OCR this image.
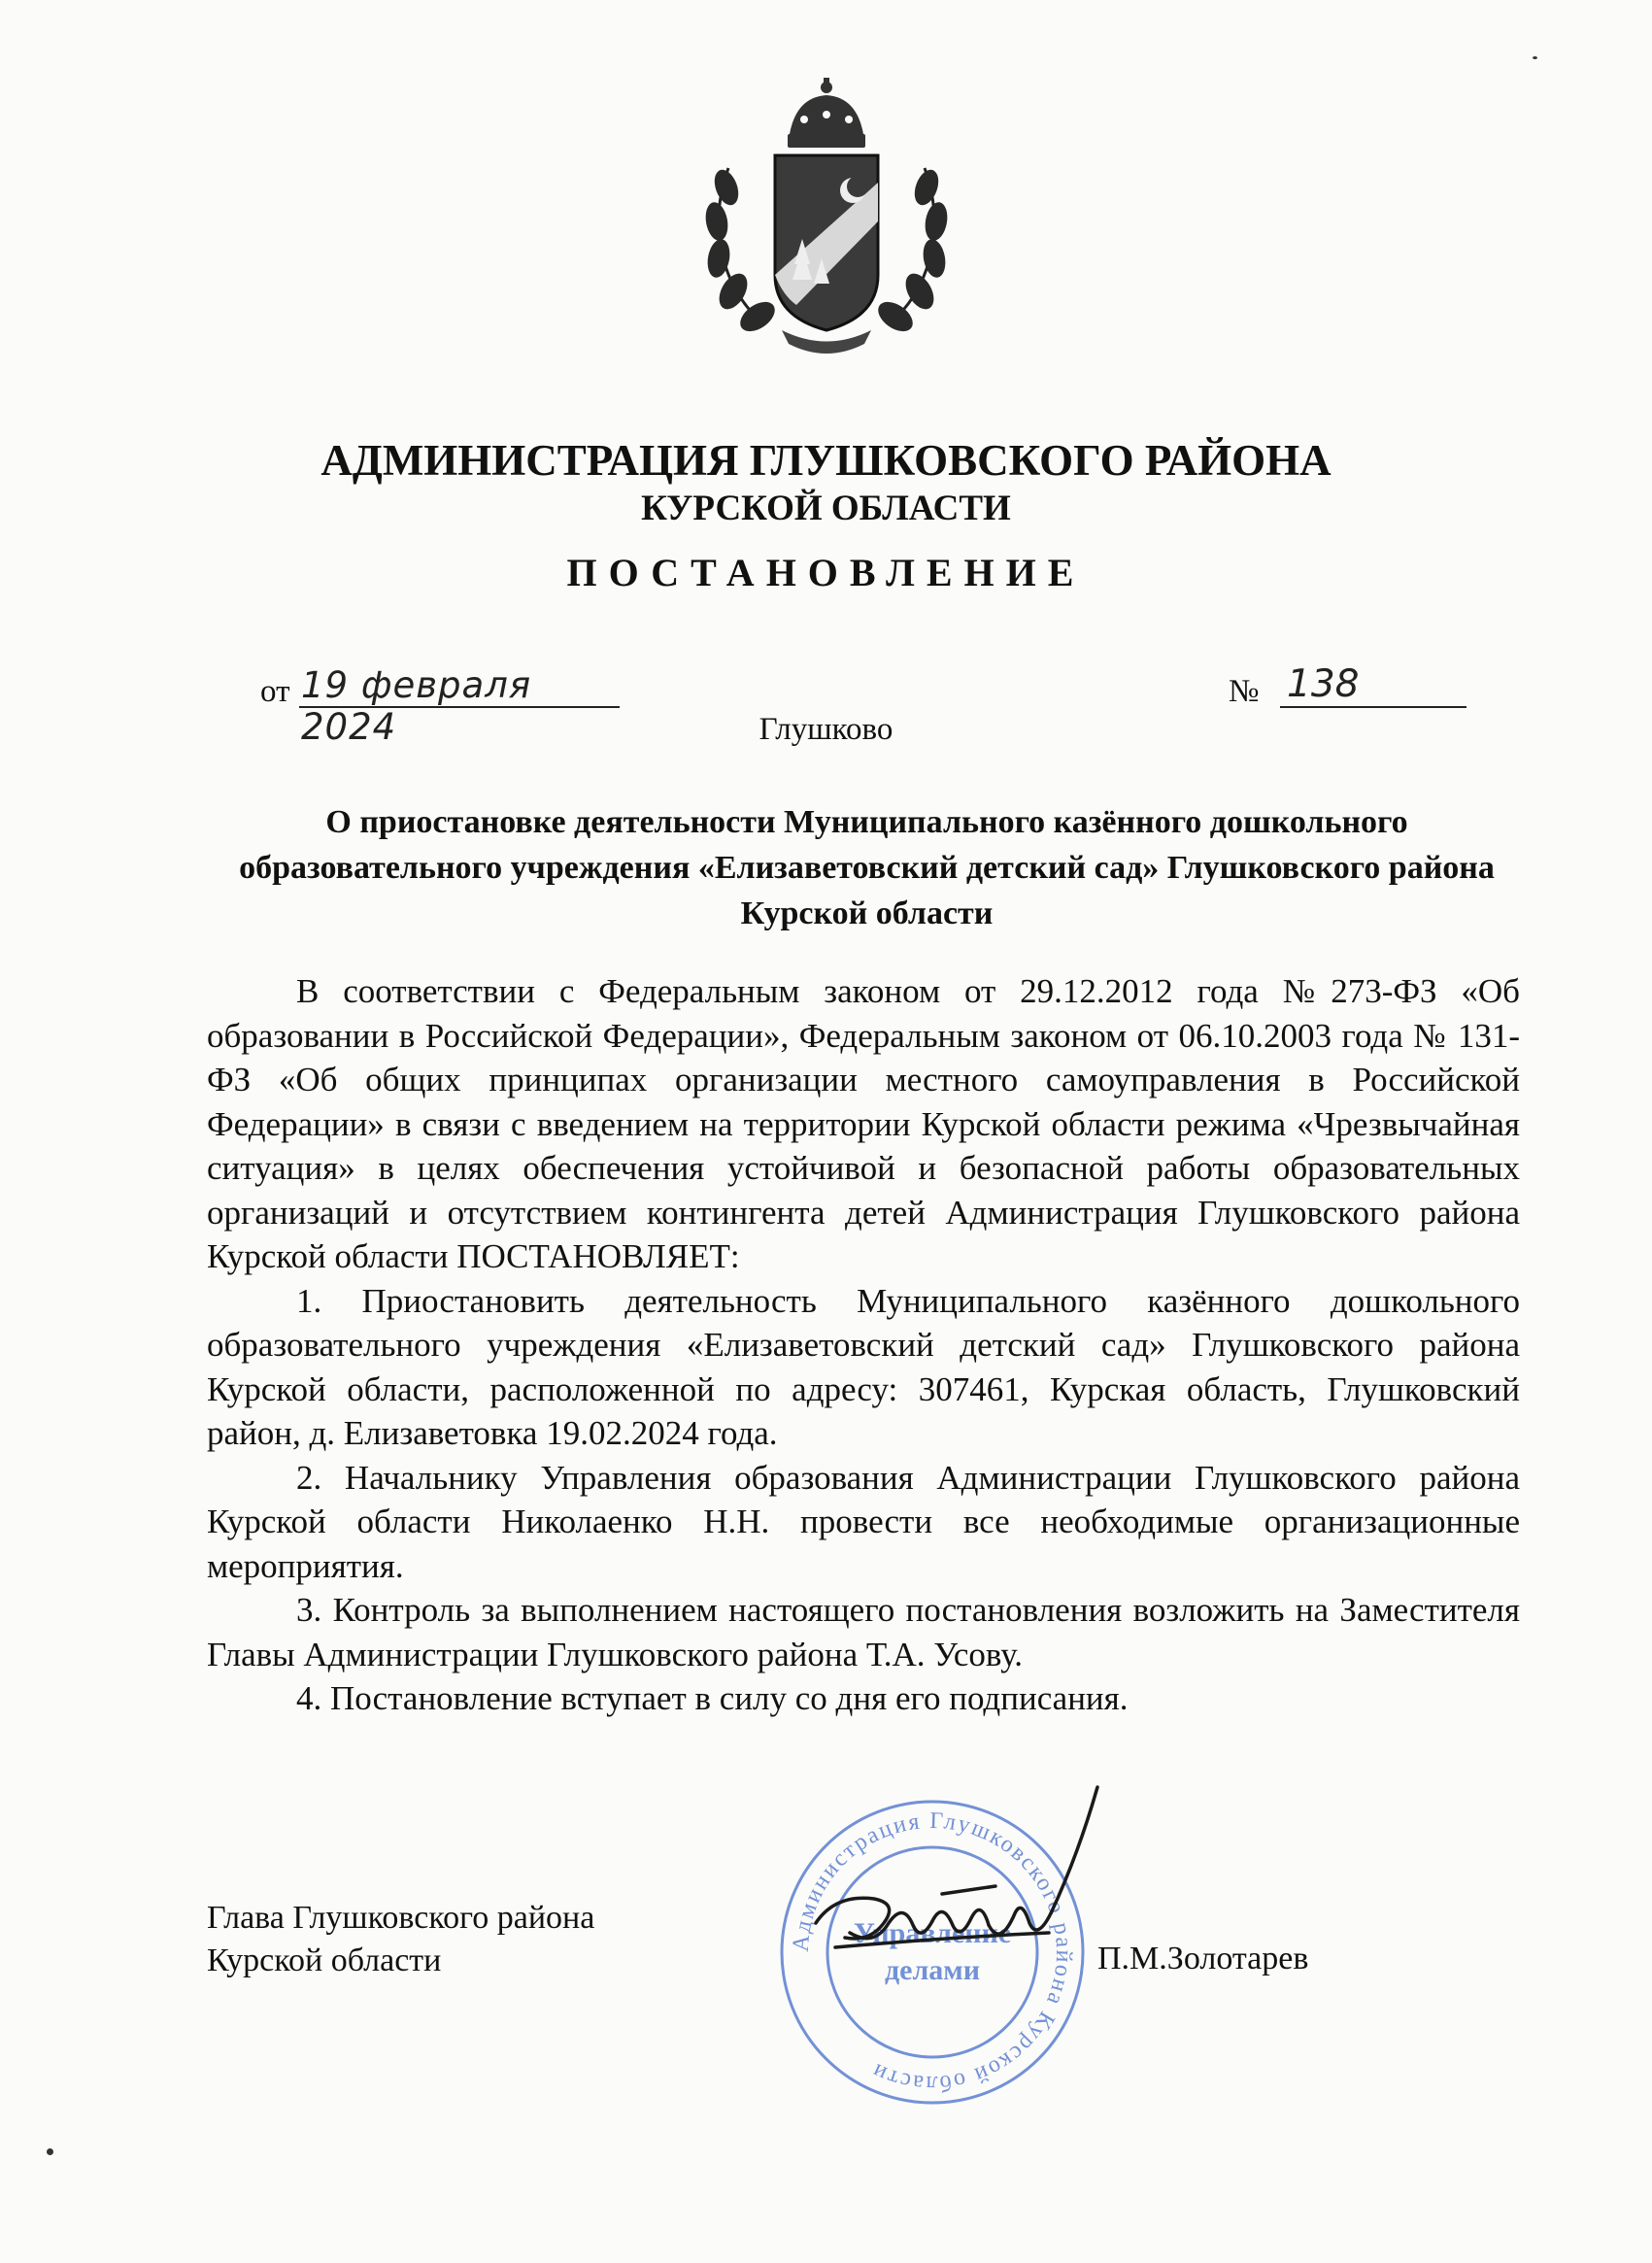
АДМИНИСТРАЦИЯ ГЛУШКОВСКОГО РАЙОНА
КУРСКОЙ ОБЛАСТИ
ПОСТАНОВЛЕНИЕ
от 19 февраля 2024
№ 138
Глушково
О приостановке деятельности Муниципального казённого дошкольного образовательного учреждения «Елизаветовский детский сад» Глушковского района Курской области

В соответствии с Федеральным законом от 29.12.2012 года №273-ФЗ «Об образовании в Российской Федерации», Федеральным законом от 06.10.2003 года № 131-ФЗ «Об общих принципах организации местного самоуправления в Российской Федерации» в связи с введением на территории Курской области режима «Чрезвычайная ситуация» в целях обеспечения устойчивой и безопасной работы образовательных организаций и отсутствием контингента детей Администрация Глушковского района Курской области ПОСТАНОВЛЯЕТ:

1. Приостановить деятельность Муниципального казённого дошкольного образовательного учреждения «Елизаветовский детский сад» Глушковского района Курской области, расположенной по адресу: 307461, Курская область, Глушковский район, д. Елизаветовка 19.02.2024 года.

2. Начальнику Управления образования Администрации Глушковского района Курской области Николаенко Н.Н. провести все необходимые организационные мероприятия.

3. Контроль за выполнением настоящего постановления возложить на Заместителя Главы Администрации Глушковского района Т.А. Усову.

4. Постановление вступает в силу со дня его подписания.

Глава Глушковского района
Курской области
Администрация Глушковского района Курской области
Управление
делами	П.М.Золотарев
